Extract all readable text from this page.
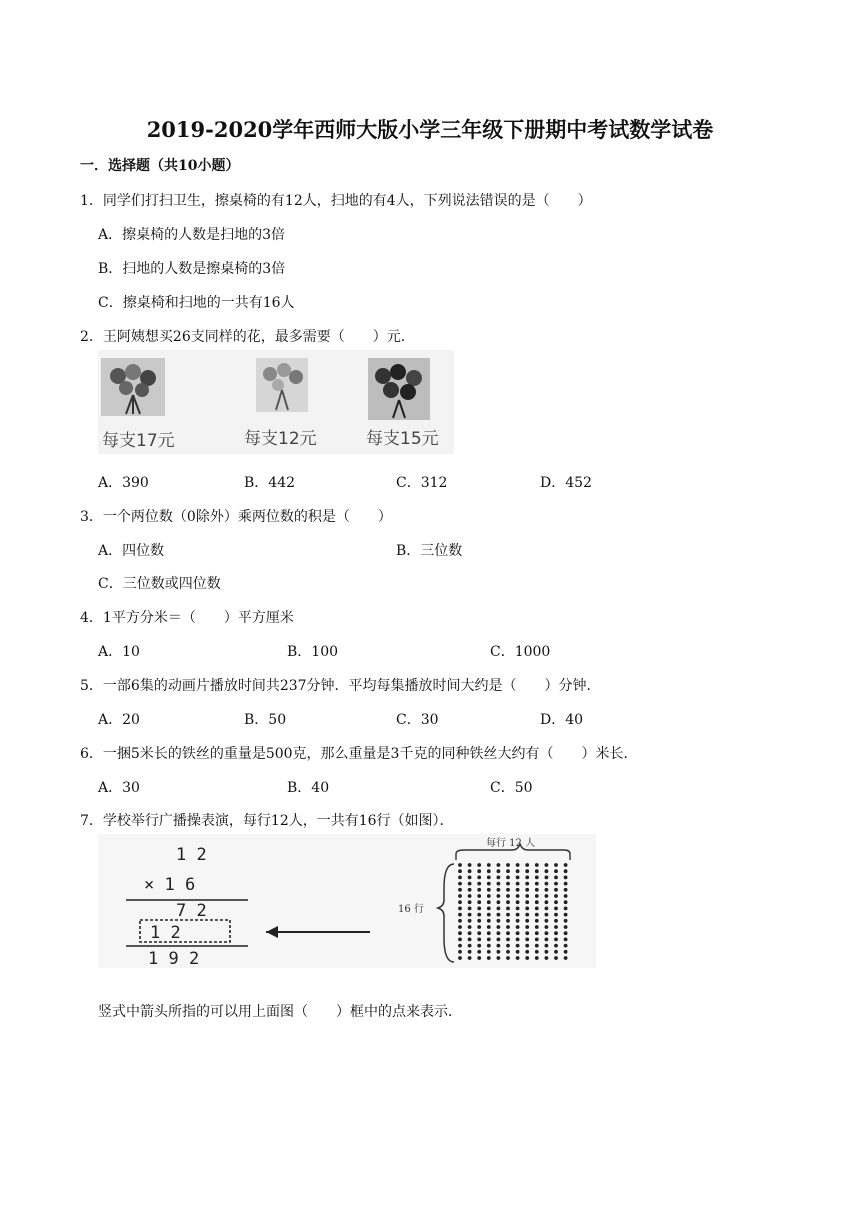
2019-2020学年西师大版小学三年级下册期中考试数学试卷
一．选择题（共10小题）
1．同学们打扫卫生，擦桌椅的有12人，扫地的有4人，下列说法错误的是（　　）
A．擦桌椅的人数是扫地的3倍
B．扫地的人数是擦桌椅的3倍
C．擦桌椅和扫地的一共有16人
2．王阿姨想买26支同样的花，最多需要（　　）元．
每支17元	每支12元	每支15元
A．390	B．442	C．312	D．452
3．一个两位数（0除外）乘两位数的积是（　　）
A．四位数	B．三位数
C．三位数或四位数
4．1平方分米＝（　　）平方厘米
A．10	B．100	C．1000
5．一部6集的动画片播放时间共237分钟．平均每集播放时间大约是（　　）分钟．
A．20	B．50	C．30	D．40
6．一捆5米长的铁丝的重量是500克，那么重量是3千克的同种铁丝大约有（　　）米长．
A．30	B．40	C．50
7．学校举行广播操表演，每行12人，一共有16行（如图）．
1 2
× 1 6
7 2
1 2
1 9 2
16 行
每行 12 人
竖式中箭头所指的可以用上面图（　　）框中的点来表示．
